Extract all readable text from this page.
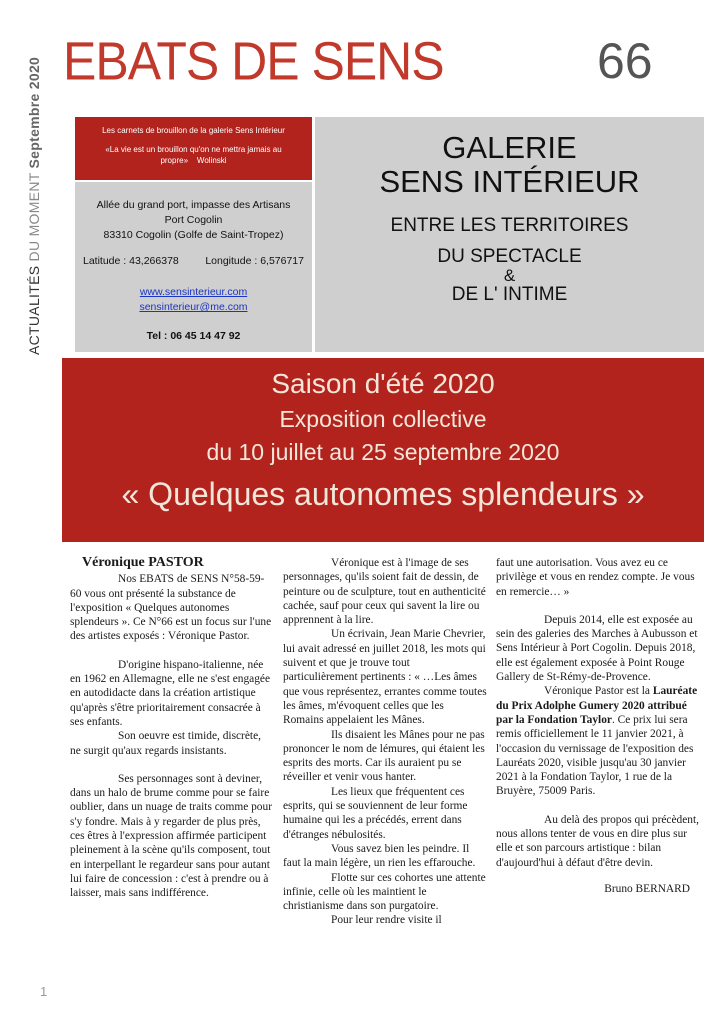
ACTUALITÉS DU MOMENT Septembre 2020 EBATS DE SENS	66

Les carnets de brouillon de la galerie Sens Intérieur

«La vie est un brouillon qu'on ne mettra jamais au propre» Wolinski

Allée du grand port, impasse des Artisans
Port Cogolin
83310 Cogolin (Golfe de Saint-Tropez)
Latitude : 43,266378	Longitude : 6,576717
www.sensinterieur.com
sensinterieur@me.com
Tel : 06 45 14 47 92
GALERIE
SENS INTÉRIEUR
ENTRE LES TERRITOIRES
DU SPECTACLE
&
DE L' INTIME
Saison d'été 2020
Exposition collective
du 10 juillet au 25 septembre 2020
« Quelques autonomes splendeurs »

Véronique PASTOR

Nos EBATS de SENS N°58-59-60 vous ont présenté la substance de l'exposition « Quelques autonomes splendeurs ». Ce N°66 est un focus sur l'une des artistes exposés : Véronique Pastor.

D'origine hispano-italienne, née en 1962 en Allemagne, elle ne s'est engagée en autodidacte dans la création artistique qu'après s'être prioritairement consacrée à ses enfants.

Son oeuvre est timide, discrète, ne surgit qu'aux regards insistants.

Ses personnages sont à deviner, dans un halo de brume comme pour se faire oublier, dans un nuage de traits comme pour s'y fondre. Mais à y regarder de plus près, ces êtres à l'expression affirmée participent pleinement à la scène qu'ils composent, tout en interpellant le regardeur sans pour autant lui faire de concession : c'est à prendre ou à laisser, mais sans indifférence.

Véronique est à l'image de ses personnages, qu'ils soient fait de dessin, de peinture ou de sculpture, tout en authenticité cachée, sauf pour ceux qui savent la lire ou apprennent à la lire.

Un écrivain, Jean Marie Chevrier, lui avait adressé en juillet 2018, les mots qui suivent et que je trouve tout particulièrement pertinents : « …Les âmes que vous représentez, errantes comme toutes les âmes, m'évoquent celles que les Romains appelaient les Mânes.

Ils disaient les Mânes pour ne pas prononcer le nom de lémures, qui étaient les esprits des morts. Car ils auraient pu se réveiller et venir vous hanter.

Les lieux que fréquentent ces esprits, qui se souviennent de leur forme humaine qui les a précédés, errent dans d'étranges nébulosités.

Vous savez bien les peindre. Il faut la main légère, un rien les effarouche.

Flotte sur ces cohortes une attente infinie, celle où les maintient le christianisme dans son purgatoire.

Pour leur rendre visite il

faut une autorisation. Vous avez eu ce privilège et vous en rendez compte. Je vous en remercie… »

Depuis 2014, elle est exposée au sein des galeries des Marches à Aubusson et Sens Intérieur à Port Cogolin. Depuis 2018, elle est également exposée à Point Rouge Gallery de St-Rémy-de-Provence.

Véronique Pastor est la Lauréate du Prix Adolphe Gumery 2020 attribué par la Fondation Taylor. Ce prix lui sera remis officiellement le 11 janvier 2021, à l'occasion du vernissage de l'exposition des Lauréats 2020, visible jusqu'au 30 janvier 2021 à la Fondation Taylor, 1 rue de la Bruyère, 75009 Paris.

Au delà des propos qui précèdent, nous allons tenter de vous en dire plus sur elle et son parcours artistique : bilan d'aujourd'hui à défaut d'être devin.

Bruno BERNARD

1
